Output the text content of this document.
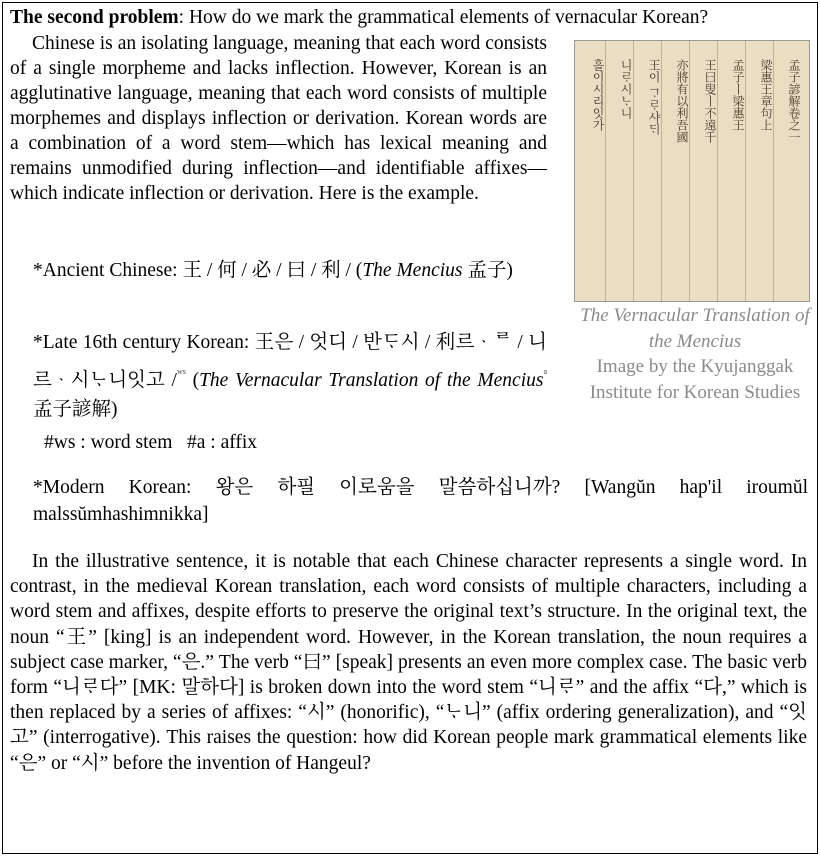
The second problem: How do we mark the grammatical elements of vernacular Korean?

Chinese is an isolating language, meaning that each word consists of a single morpheme and lacks inflection. However, Korean is an agglutinative language, meaning that each word consists of multiple morphemes and displays inflection or derivation. Korean words are a combination of a word stem—which has lexical meaning and remains unmodified during inflection—and identifiable affixes—which indicate inflection or derivation. Here is the example.

孟子諺解卷之一
梁惠王章句上
孟子ㅣ梁惠王
王曰叟ㅣ不遠千
亦將有以利吾國
王이 ᄀᆞᄅᆞ샤ᄃᆡ
니ᄅᆞ시ᄂᆞ니
흘이시리잇가
The Vernacular Translation of the Mencius
Image by the Kyujanggak Institute for Korean Studies

*Ancient Chinese: 王 / 何 / 必 / 曰 / 利 / (The Mencius 孟子)

*Late 16th century Korean: 王은 / 엇디 / 반ᄃᆞ시 / 利르ᆞᄅ / 니르ᆞ시ᄂᆞ니잇고 /$^{ws}$ (The Vernacular Translation of the Mencius$^a$ 孟子諺解)

#ws : word stem   #a : affix

*Modern Korean: 왕은 하필 이로움을 말씀하십니까? [Wangŭn hap'il iroumŭl malssŭmhashimnikka]

In the illustrative sentence, it is notable that each Chinese character represents a single word. In contrast, in the medieval Korean translation, each word consists of multiple characters, including a word stem and affixes, despite efforts to preserve the original text’s structure. In the original text, the noun “王” [king] is an independent word. However, in the Korean translation, the noun requires a subject case marker, “은.” The verb “曰” [speak] presents an even more complex case. The basic verb form “니ᄅᆞ다” [MK: 말하다] is broken down into the word stem “니ᄅᆞ” and the affix “다,” which is then replaced by a series of affixes: “시” (honorific), “ᄂᆞ니” (affix ordering generalization), and “잇고” (interrogative). This raises the question: how did Korean people mark grammatical elements like “은” or “시” before the invention of Hangeul?
